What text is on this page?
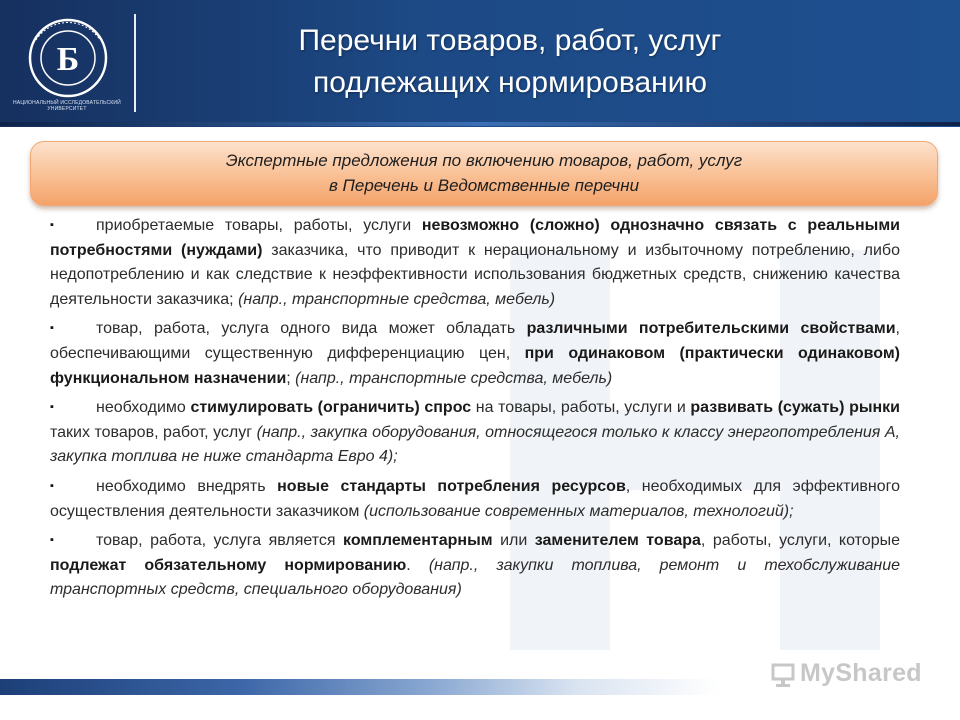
Б
НАЦИОНАЛЬНЫЙ ИССЛЕДОВАТЕЛЬСКИЙ УНИВЕРСИТЕТ
Перечни товаров, работ, услуг
подлежащих нормированию
Экспертные предложения по включению товаров, работ, услуг
в Перечень и Ведомственные перечни
▪	приобретаемые товары, работы, услуги невозможно (сложно) однозначно связать с реальными потребностями (нуждами) заказчика, что приводит к нерациональному и избыточному потреблению, либо недопотреблению и как следствие к неэффективности использования бюджетных средств, снижению качества деятельности заказчика; (напр., транспортные средства, мебель)
▪	товар, работа, услуга одного вида может обладать различными потребительскими свойствами, обеспечивающими существенную дифференциацию цен, при одинаковом (практически одинаковом) функциональном назначении; (напр., транспортные средства, мебель)
▪	необходимо стимулировать (ограничить) спрос на товары, работы, услуги и развивать (сужать) рынки таких товаров, работ, услуг (напр., закупка оборудования, относящегося только к классу энергопотребления А, закупка топлива не ниже стандарта Евро 4);
▪	необходимо внедрять новые стандарты потребления ресурсов, необходимых для эффективного осуществления деятельности заказчиком (использование современных материалов, технологий);
▪	товар, работа, услуга является комплементарным или заменителем товара, работы, услуги, которые подлежат обязательному нормированию. (напр., закупки топлива, ремонт и техобслуживание транспортных средств, специального оборудования)
MyShared
